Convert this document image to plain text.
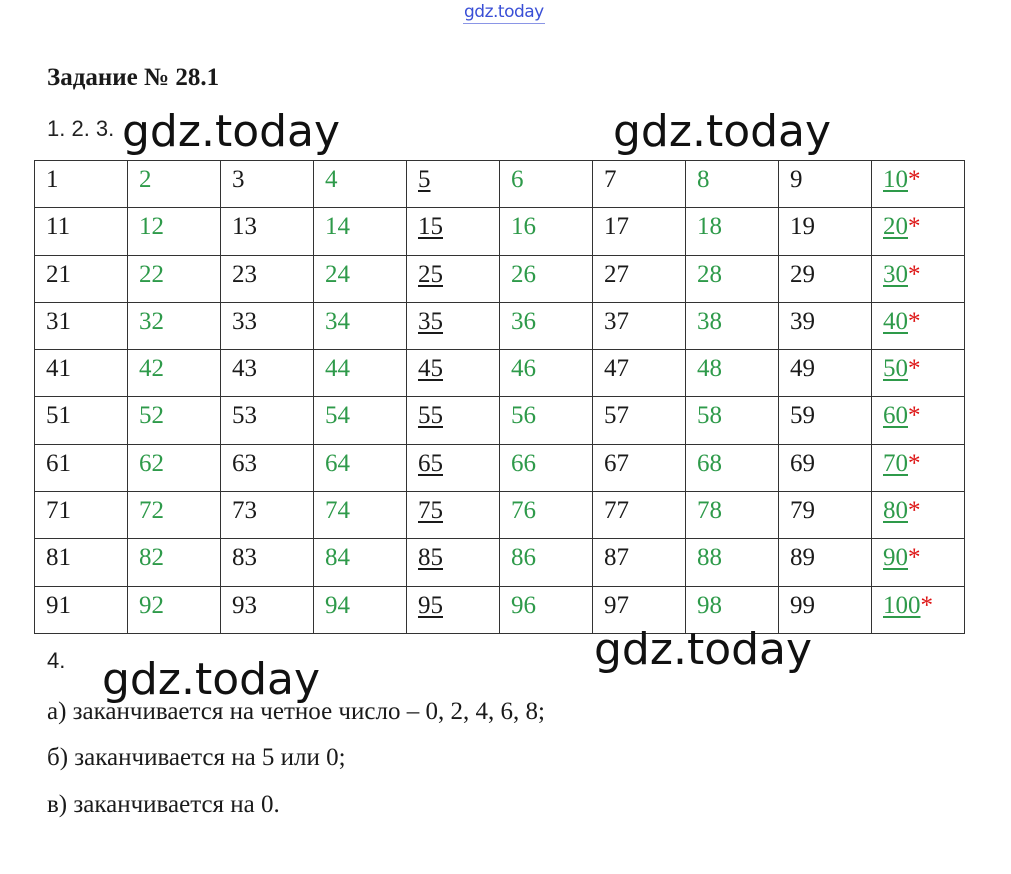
gdz.today
Задание № 28.1
1. 2. 3.
1	2	3	4	5	6	7	8	9	10*
11	12	13	14	15	16	17	18	19	20*
21	22	23	24	25	26	27	28	29	30*
31	32	33	34	35	36	37	38	39	40*
41	42	43	44	45	46	47	48	49	50*
51	52	53	54	55	56	57	58	59	60*
61	62	63	64	65	66	67	68	69	70*
71	72	73	74	75	76	77	78	79	80*
81	82	83	84	85	86	87	88	89	90*
91	92	93	94	95	96	97	98	99	100*
4.
а) заканчивается на четное число – 0, 2, 4, 6, 8;
б) заканчивается на 5 или 0;
в) заканчивается на 0.
gdz.today	gdz.today
gdz.today
gdz.today
